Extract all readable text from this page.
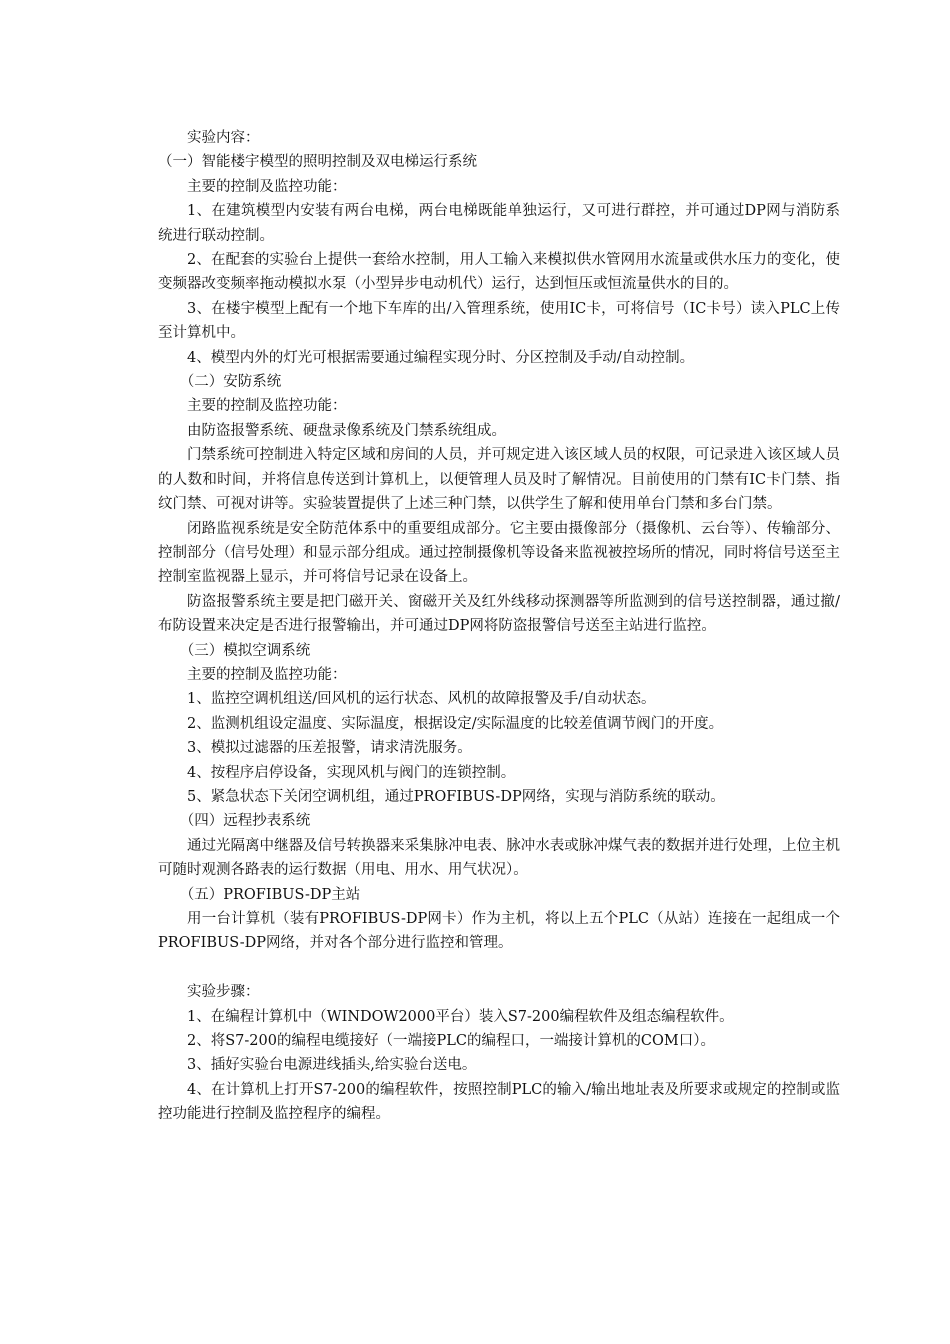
实验内容：
（一）智能楼宇模型的照明控制及双电梯运行系统
主要的控制及监控功能：
1、在建筑模型内安装有两台电梯，两台电梯既能单独运行，又可进行群控，并可通过DP网与消防系统进行联动控制。
2、在配套的实验台上提供一套给水控制，用人工输入来模拟供水管网用水流量或供水压力的变化，使变频器改变频率拖动模拟水泵（小型异步电动机代）运行，达到恒压或恒流量供水的目的。
3、在楼宇模型上配有一个地下车库的出/入管理系统，使用IC卡，可将信号（IC卡号）读入PLC上传至计算机中。
4、模型内外的灯光可根据需要通过编程实现分时、分区控制及手动/自动控制。
（二）安防系统
主要的控制及监控功能：
由防盗报警系统、硬盘录像系统及门禁系统组成。
门禁系统可控制进入特定区域和房间的人员，并可规定进入该区域人员的权限，可记录进入该区域人员的人数和时间，并将信息传送到计算机上，以便管理人员及时了解情况。目前使用的门禁有IC卡门禁、指纹门禁、可视对讲等。实验装置提供了上述三种门禁，以供学生了解和使用单台门禁和多台门禁。
闭路监视系统是安全防范体系中的重要组成部分。它主要由摄像部分（摄像机、云台等）、传输部分、控制部分（信号处理）和显示部分组成。通过控制摄像机等设备来监视被控场所的情况，同时将信号送至主控制室监视器上显示，并可将信号记录在设备上。
防盗报警系统主要是把门磁开关、窗磁开关及红外线移动探测器等所监测到的信号送控制器，通过撤/布防设置来决定是否进行报警输出，并可通过DP网将防盗报警信号送至主站进行监控。
（三）模拟空调系统
主要的控制及监控功能：
1、监控空调机组送/回风机的运行状态、风机的故障报警及手/自动状态。
2、监测机组设定温度、实际温度，根据设定/实际温度的比较差值调节阀门的开度。
3、模拟过滤器的压差报警，请求清洗服务。
4、按程序启停设备，实现风机与阀门的连锁控制。
5、紧急状态下关闭空调机组，通过PROFIBUS-DP网络，实现与消防系统的联动。
（四）远程抄表系统
通过光隔离中继器及信号转换器来采集脉冲电表、脉冲水表或脉冲煤气表的数据并进行处理，上位主机可随时观测各路表的运行数据（用电、用水、用气状况）。
（五）PROFIBUS-DP主站
用一台计算机（装有PROFIBUS-DP网卡）作为主机，将以上五个PLC（从站）连接在一起组成一个PROFIBUS-DP网络，并对各个部分进行监控和管理。
实验步骤：
1、在编程计算机中（WINDOW2000平台）装入S7-200编程软件及组态编程软件。
2、将S7-200的编程电缆接好（一端接PLC的编程口，一端接计算机的COM口）。
3、插好实验台电源进线插头,给实验台送电。
4、在计算机上打开S7-200的编程软件，按照控制PLC的输入/输出地址表及所要求或规定的控制或监控功能进行控制及监控程序的编程。
